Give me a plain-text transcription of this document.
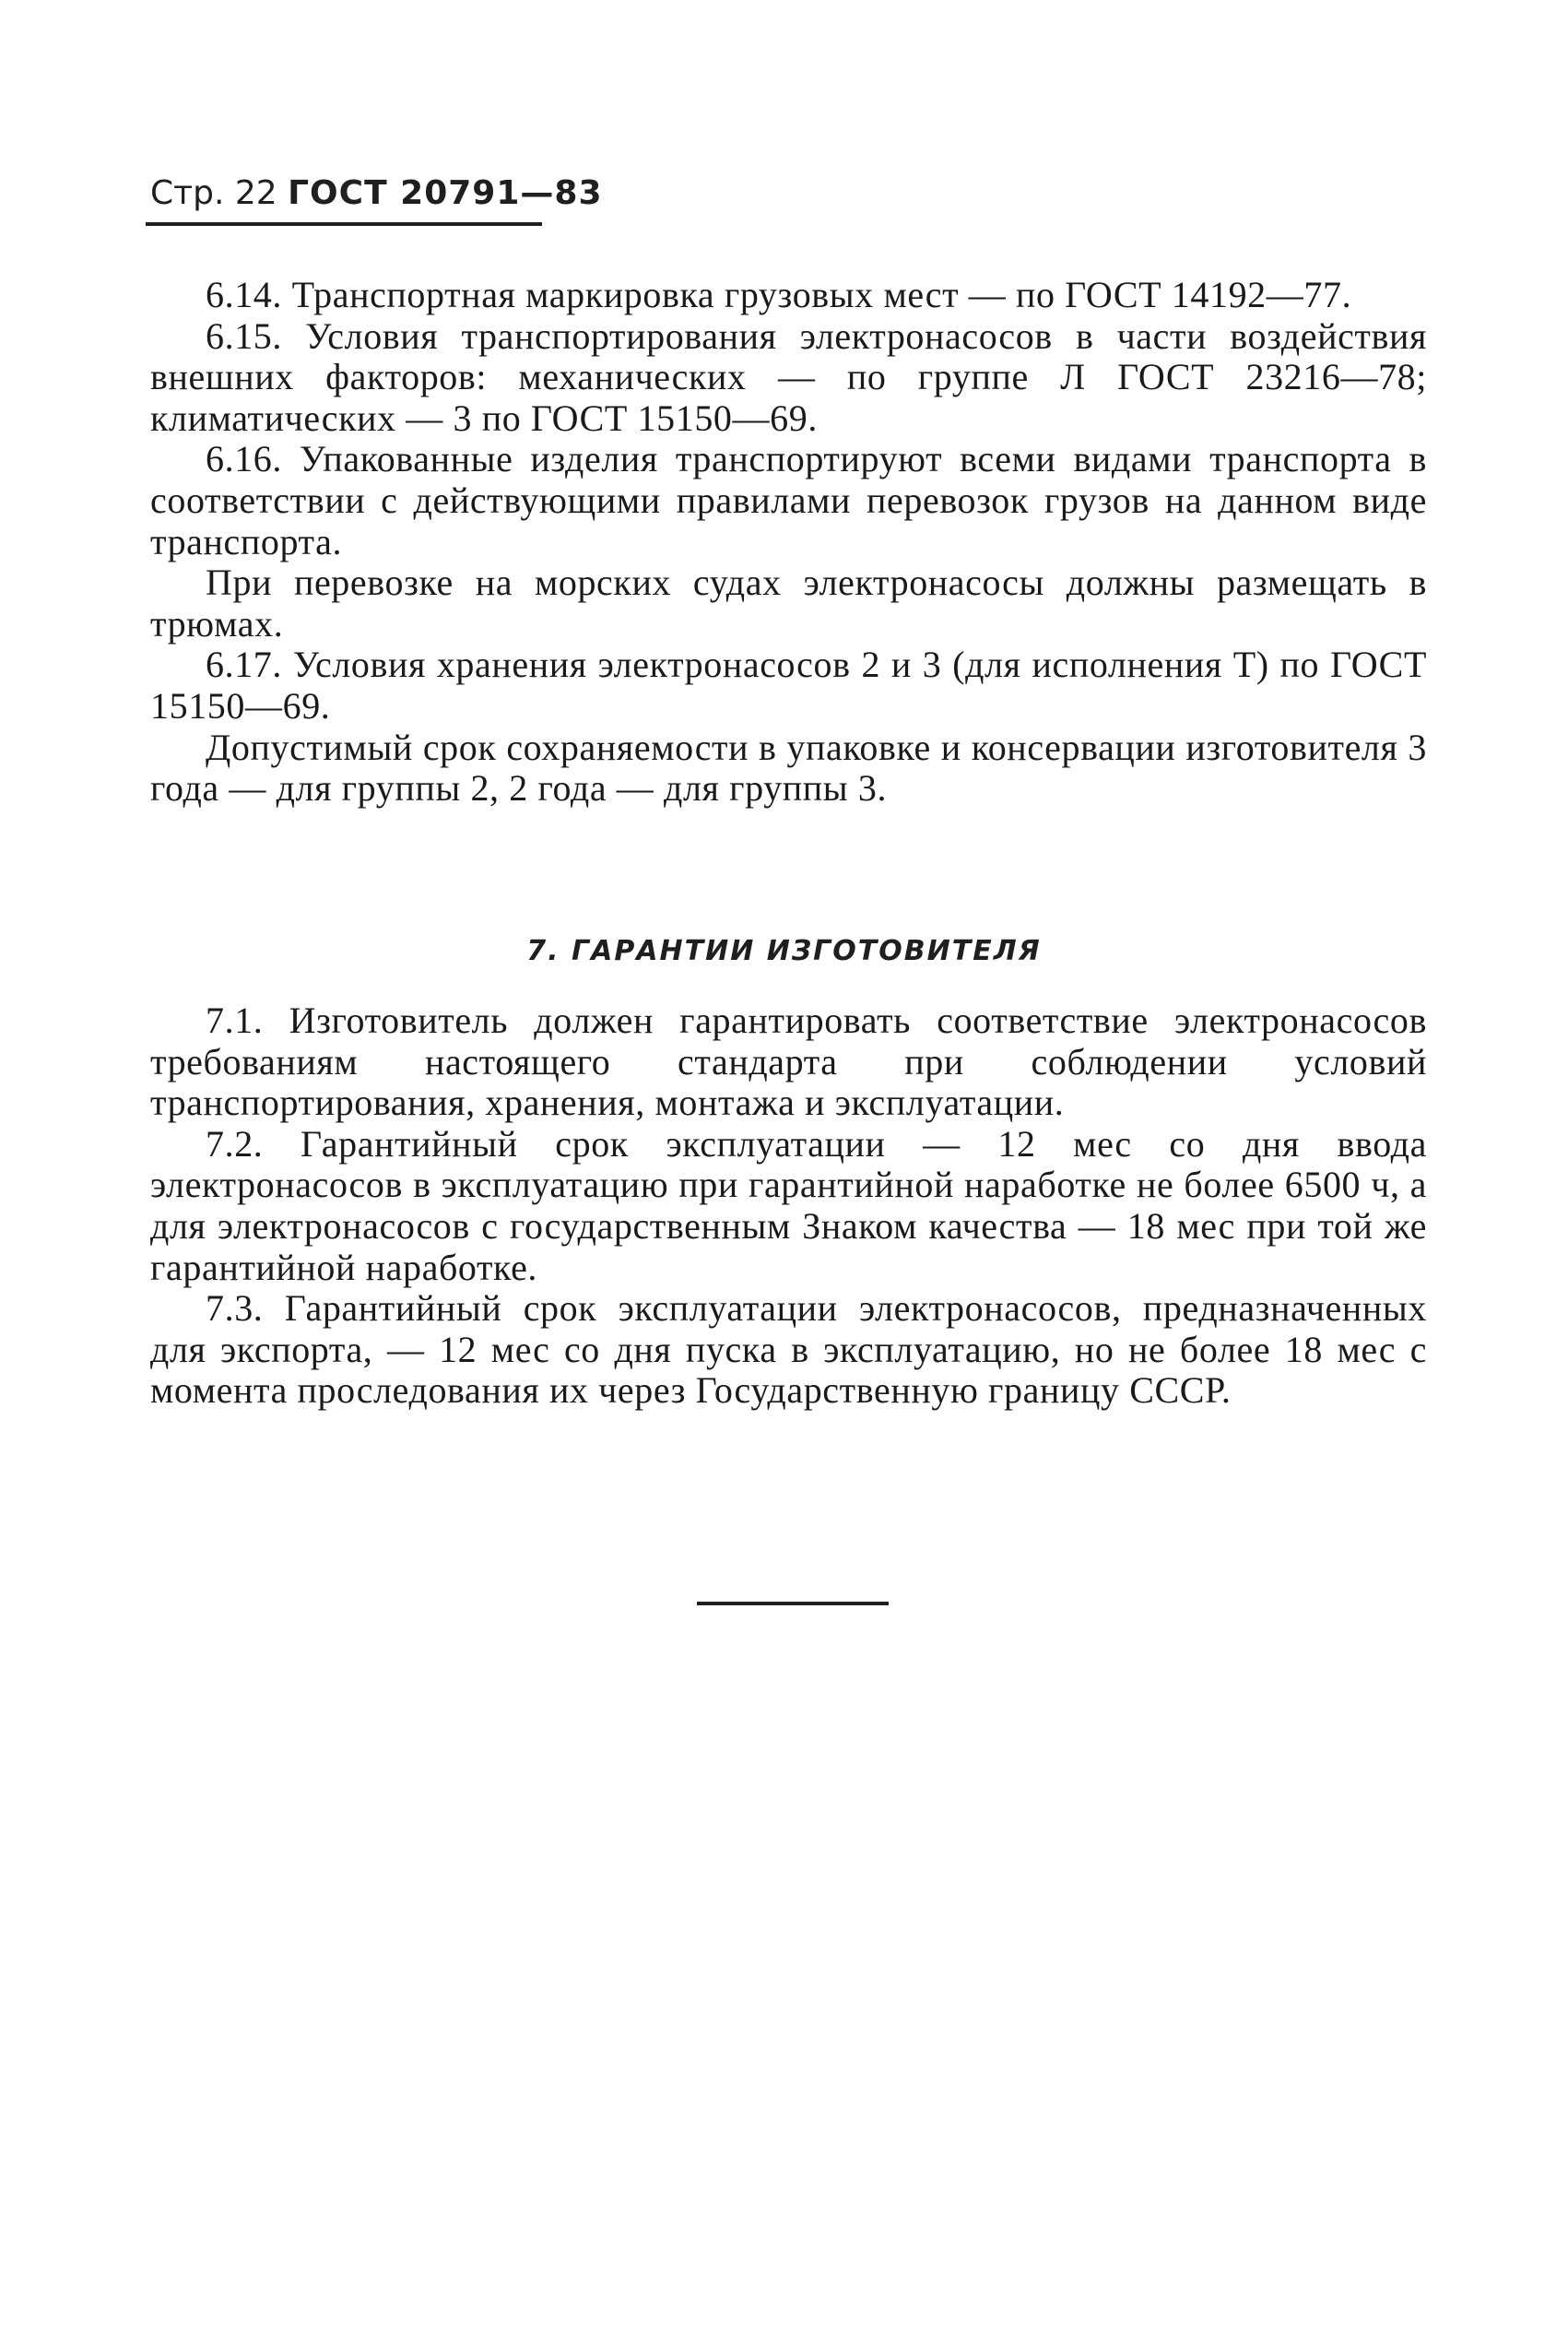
Стр. 22 ГОСТ 20791—83

6.14. Транспортная маркировка грузовых мест — по ГОСТ 14192—77.

6.15. Условия транспортирования электронасосов в части воздействия внешних факторов: механических — по группе Л ГОСТ 23216—78; климатических — 3 по ГОСТ 15150—69.

6.16. Упакованные изделия транспортируют всеми видами транспорта в соответствии с действующими правилами перевозок грузов на данном виде транспорта.

При перевозке на морских судах электронасосы должны размещать в трюмах.

6.17. Условия хранения электронасосов 2 и 3 (для исполнения Т) по ГОСТ 15150—69.

Допустимый срок сохраняемости в упаковке и консервации изготовителя 3 года — для группы 2, 2 года — для группы 3.

7. ГАРАНТИИ ИЗГОТОВИТЕЛЯ

7.1. Изготовитель должен гарантировать соответствие электронасосов требованиям настоящего стандарта при соблюдении условий транспортирования, хранения, монтажа и эксплуатации.

7.2. Гарантийный срок эксплуатации — 12 мес со дня ввода электронасосов в эксплуатацию при гарантийной наработке не более 6500 ч, а для электронасосов с государственным Знаком качества — 18 мес при той же гарантийной наработке.

7.3. Гарантийный срок эксплуатации электронасосов, предназначенных для экспорта, — 12 мес со дня пуска в эксплуатацию, но не более 18 мес с момента проследования их через Государственную границу СССР.
